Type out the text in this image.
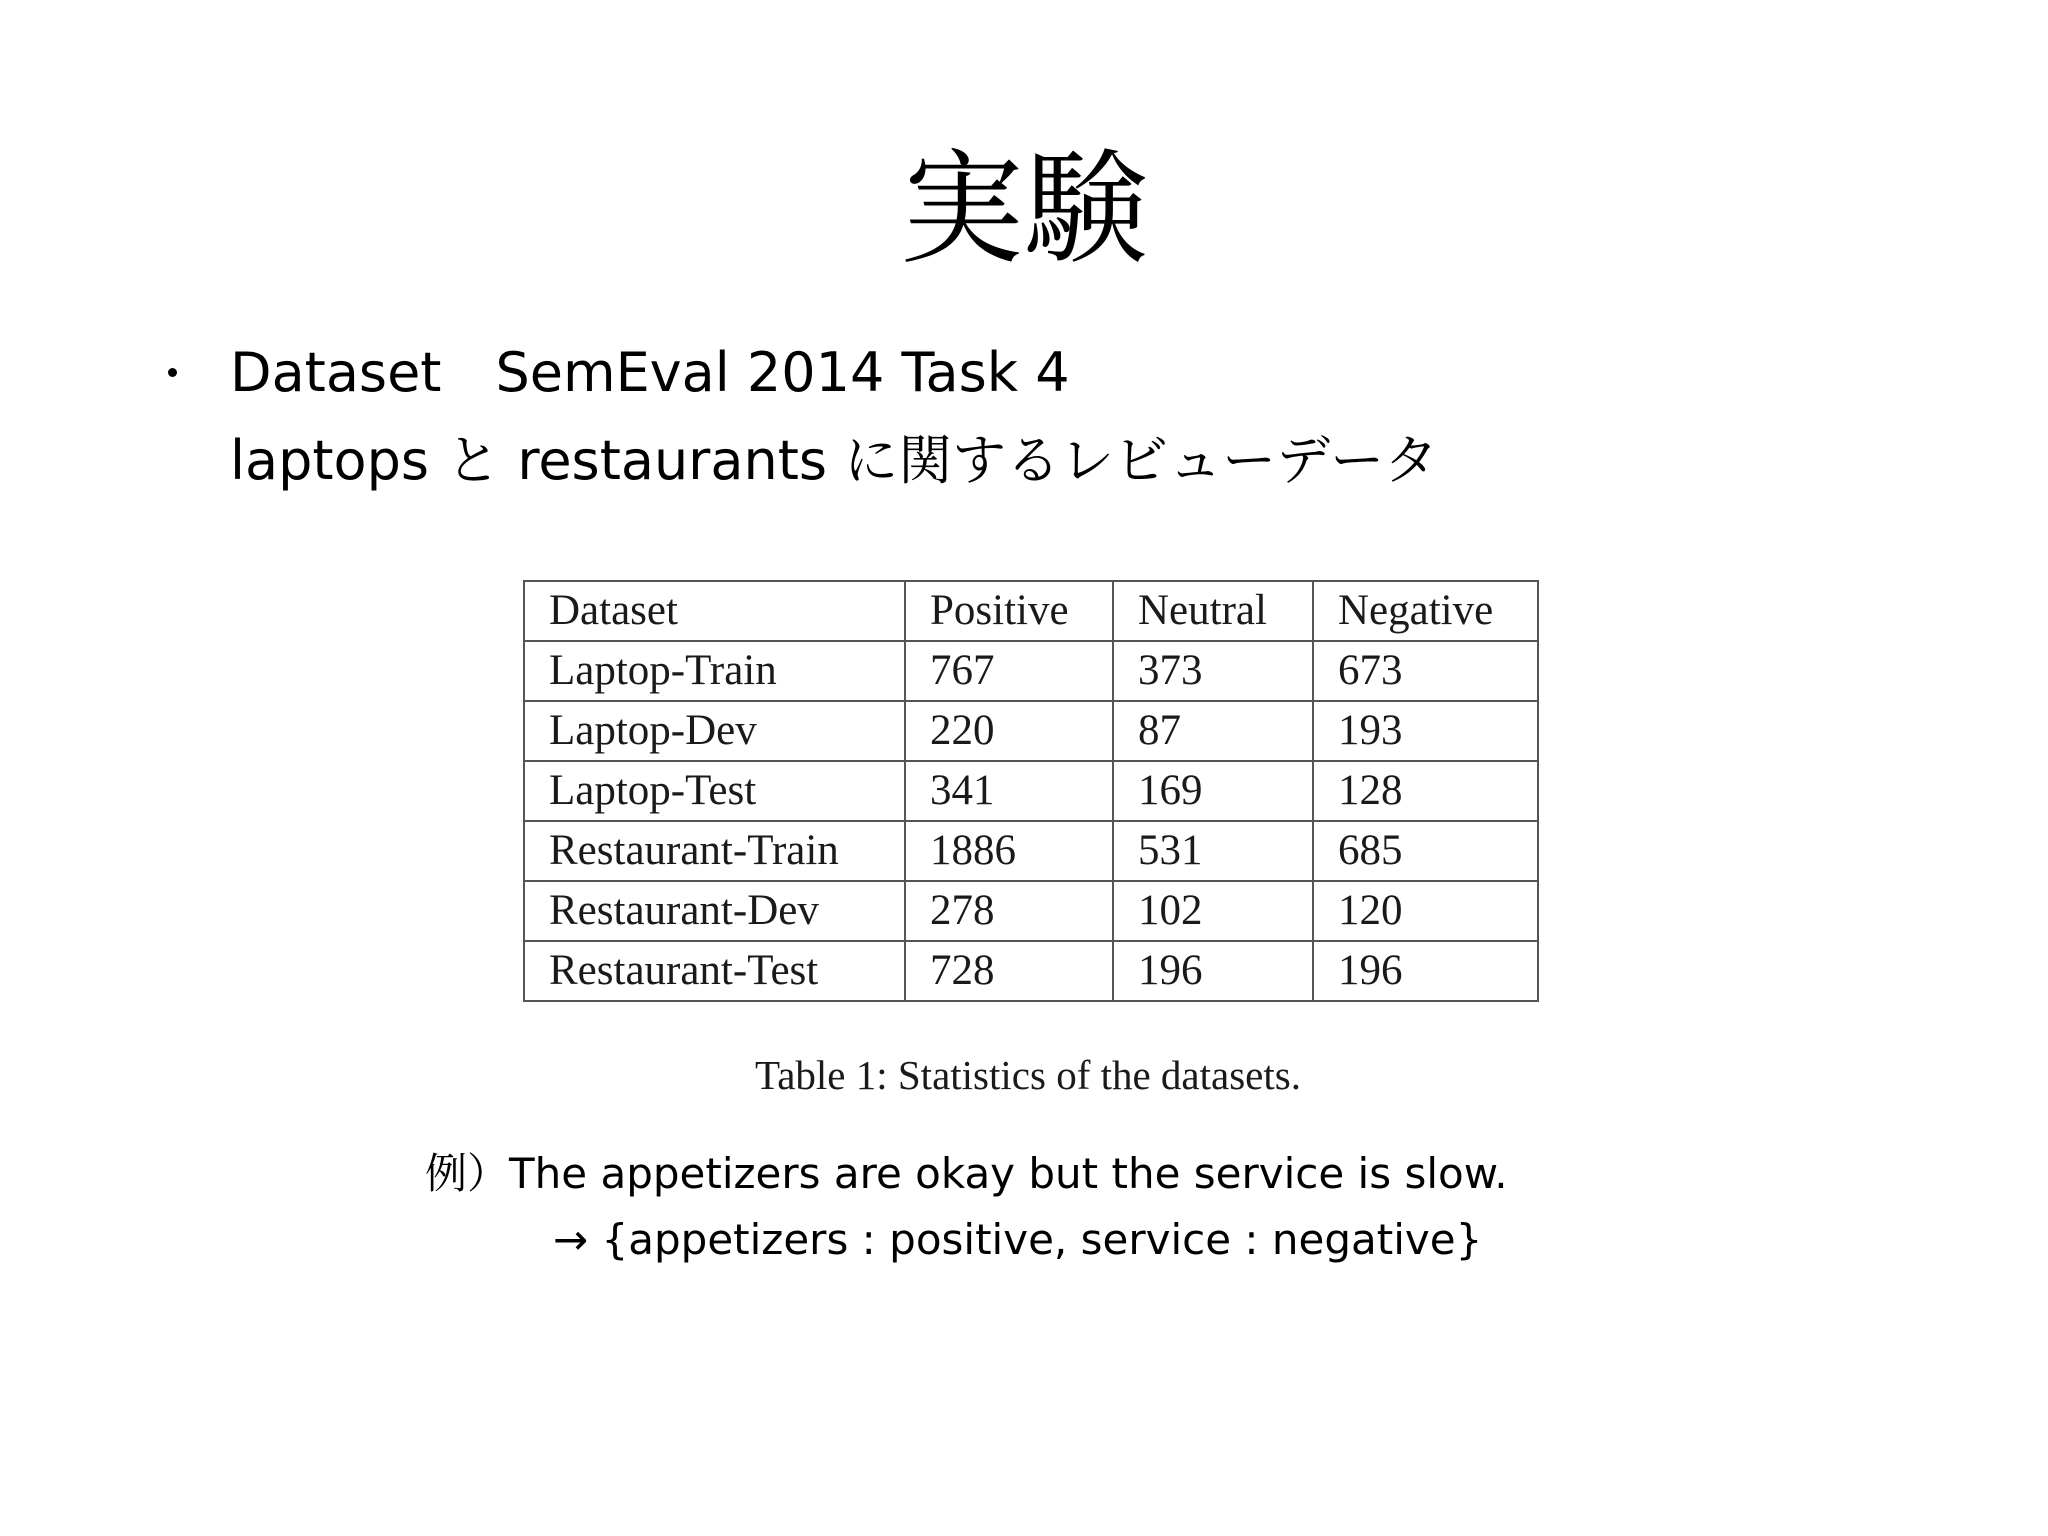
実験
Dataset　SemEval 2014 Task 4
laptops と restaurants に関するレビューデータ
Dataset	Positive	Neutral	Negative
Laptop-Train	767	373	673
Laptop-Dev	220	87	193
Laptop-Test	341	169	128
Restaurant-Train	1886	531	685
Restaurant-Dev	278	102	120
Restaurant-Test	728	196	196
Table 1: Statistics of the datasets.
例）The appetizers are okay but the service is slow.
→ {appetizers : positive, service : negative}
